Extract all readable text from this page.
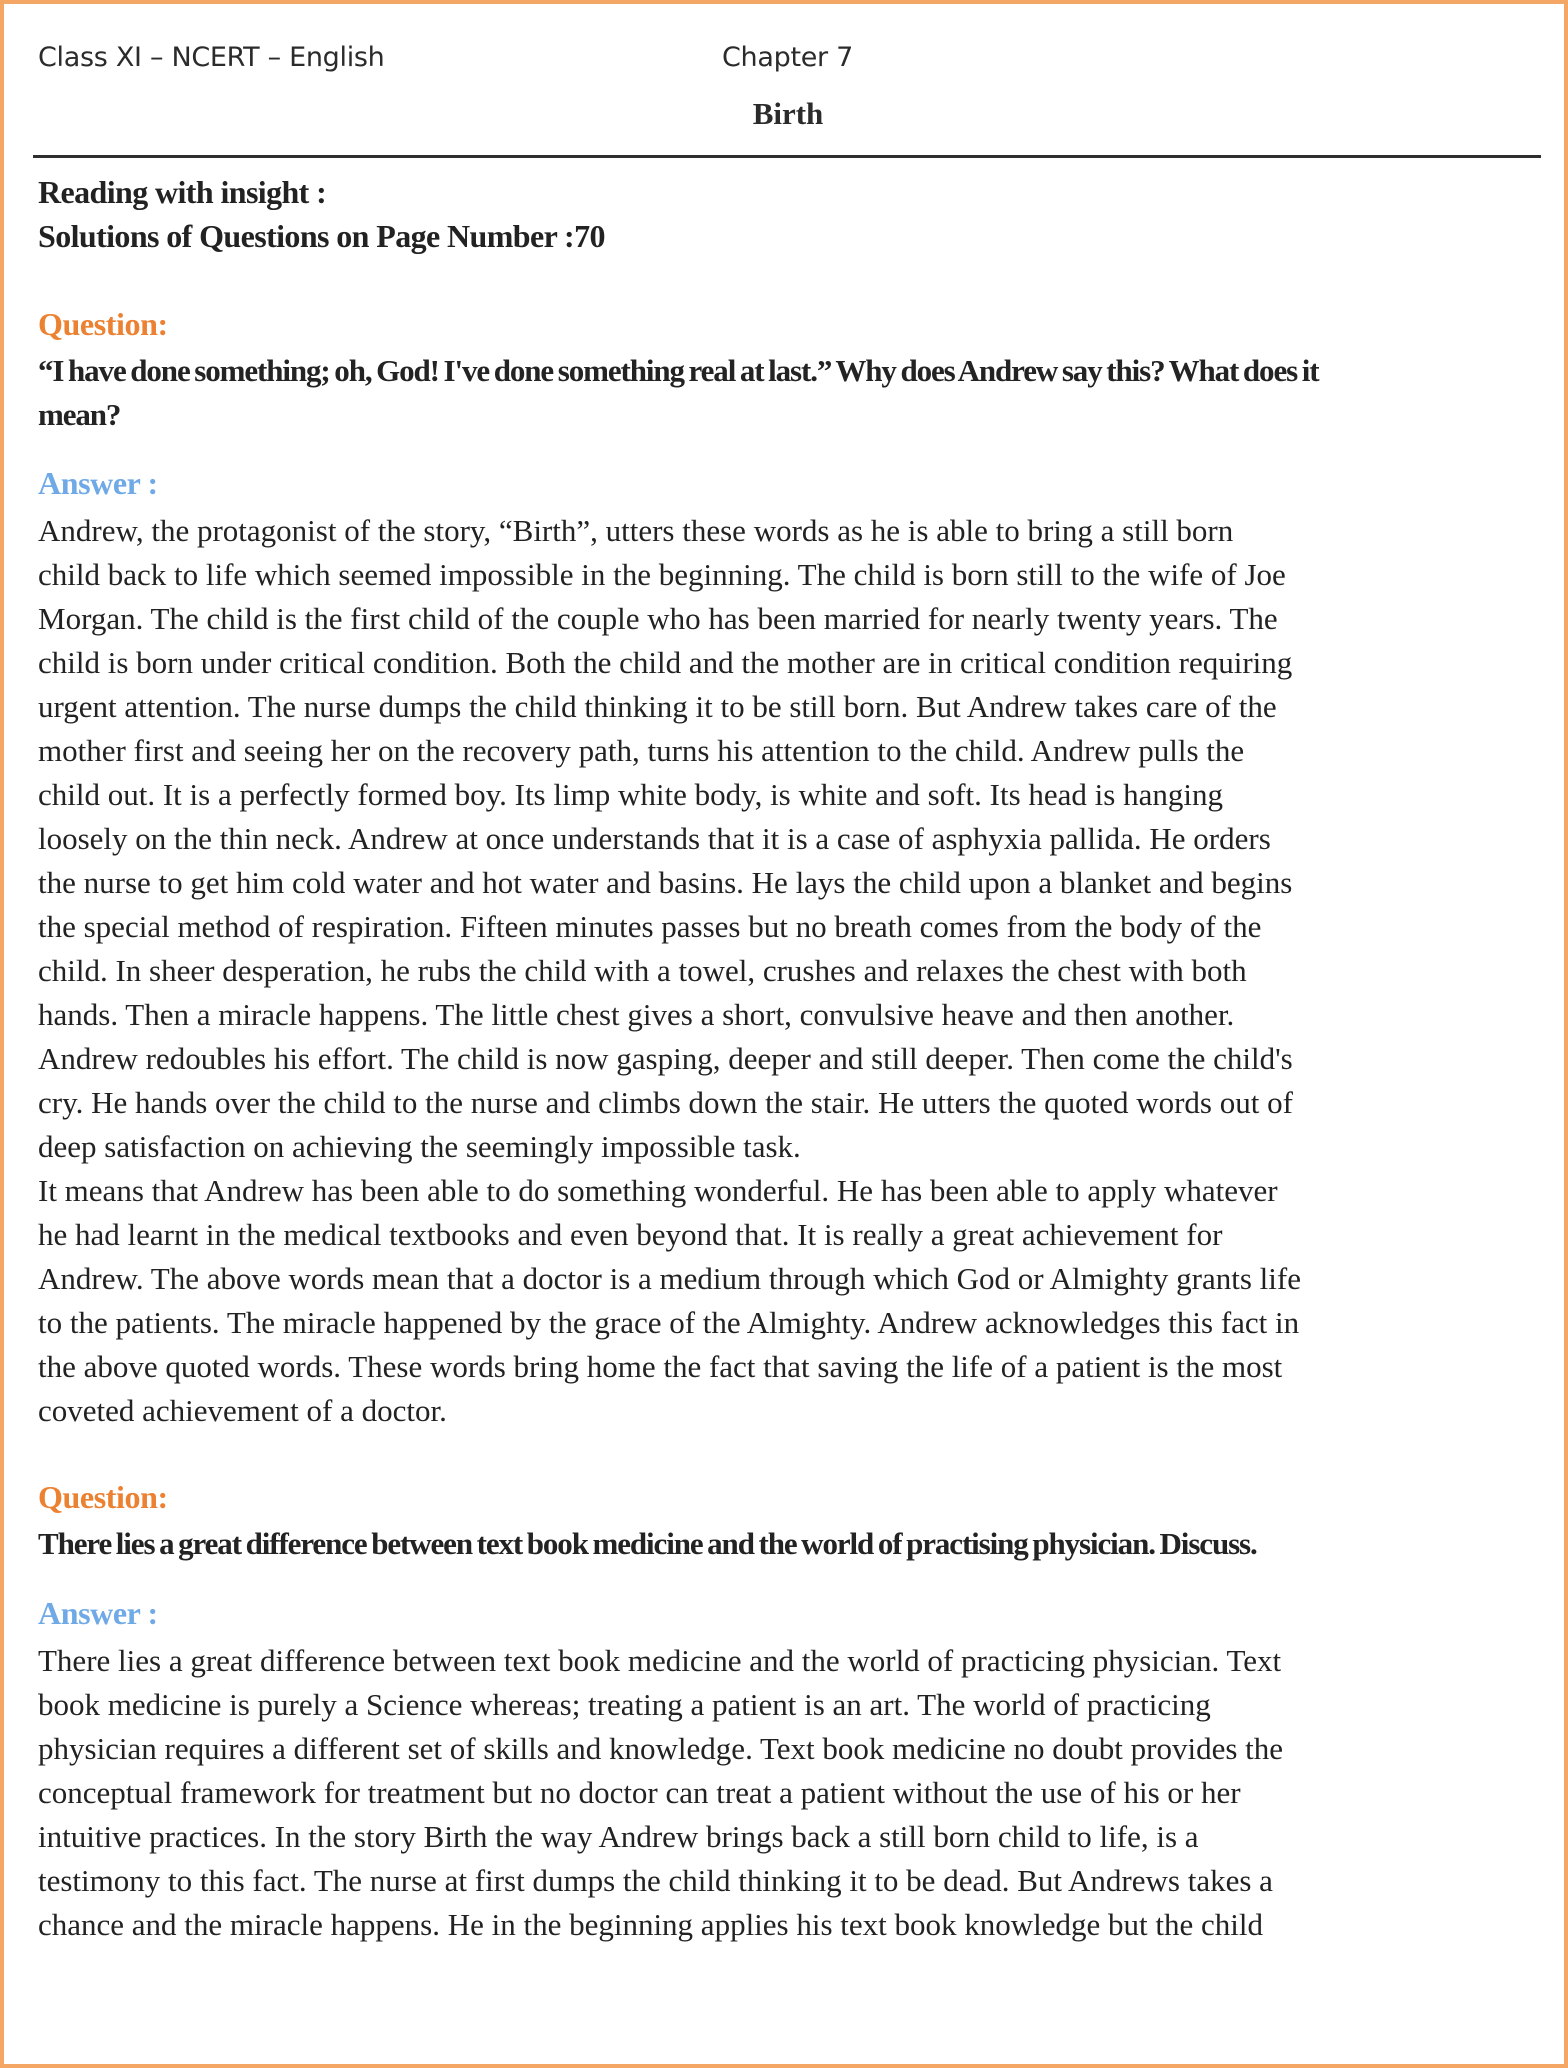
Class XI – NCERT – English	Chapter 7
Birth
Reading with insight :
Solutions of Questions on Page Number :70
Question:
“I have done something; oh, God! I've done something real at last.” Why does Andrew say this? What does it
mean?
Answer :
Andrew, the protagonist of the story, “Birth”, utters these words as he is able to bring a still born
child back to life which seemed impossible in the beginning. The child is born still to the wife of Joe
Morgan. The child is the first child of the couple who has been married for nearly twenty years. The
child is born under critical condition. Both the child and the mother are in critical condition requiring
urgent attention. The nurse dumps the child thinking it to be still born. But Andrew takes care of the
mother first and seeing her on the recovery path, turns his attention to the child. Andrew pulls the
child out. It is a perfectly formed boy. Its limp white body, is white and soft. Its head is hanging
loosely on the thin neck. Andrew at once understands that it is a case of asphyxia pallida. He orders
the nurse to get him cold water and hot water and basins. He lays the child upon a blanket and begins
the special method of respiration. Fifteen minutes passes but no breath comes from the body of the
child. In sheer desperation, he rubs the child with a towel, crushes and relaxes the chest with both
hands. Then a miracle happens. The little chest gives a short, convulsive heave and then another.
Andrew redoubles his effort. The child is now gasping, deeper and still deeper. Then come the child's
cry. He hands over the child to the nurse and climbs down the stair. He utters the quoted words out of
deep satisfaction on achieving the seemingly impossible task.
It means that Andrew has been able to do something wonderful. He has been able to apply whatever
he had learnt in the medical textbooks and even beyond that. It is really a great achievement for
Andrew. The above words mean that a doctor is a medium through which God or Almighty grants life
to the patients. The miracle happened by the grace of the Almighty. Andrew acknowledges this fact in
the above quoted words. These words bring home the fact that saving the life of a patient is the most
coveted achievement of a doctor.
Question:
There lies a great difference between text book medicine and the world of practising physician. Discuss.
Answer :
There lies a great difference between text book medicine and the world of practicing physician. Text
book medicine is purely a Science whereas; treating a patient is an art. The world of practicing
physician requires a different set of skills and knowledge. Text book medicine no doubt provides the
conceptual framework for treatment but no doctor can treat a patient without the use of his or her
intuitive practices. In the story Birth the way Andrew brings back a still born child to life, is a
testimony to this fact. The nurse at first dumps the child thinking it to be dead. But Andrews takes a
chance and the miracle happens. He in the beginning applies his text book knowledge but the child
